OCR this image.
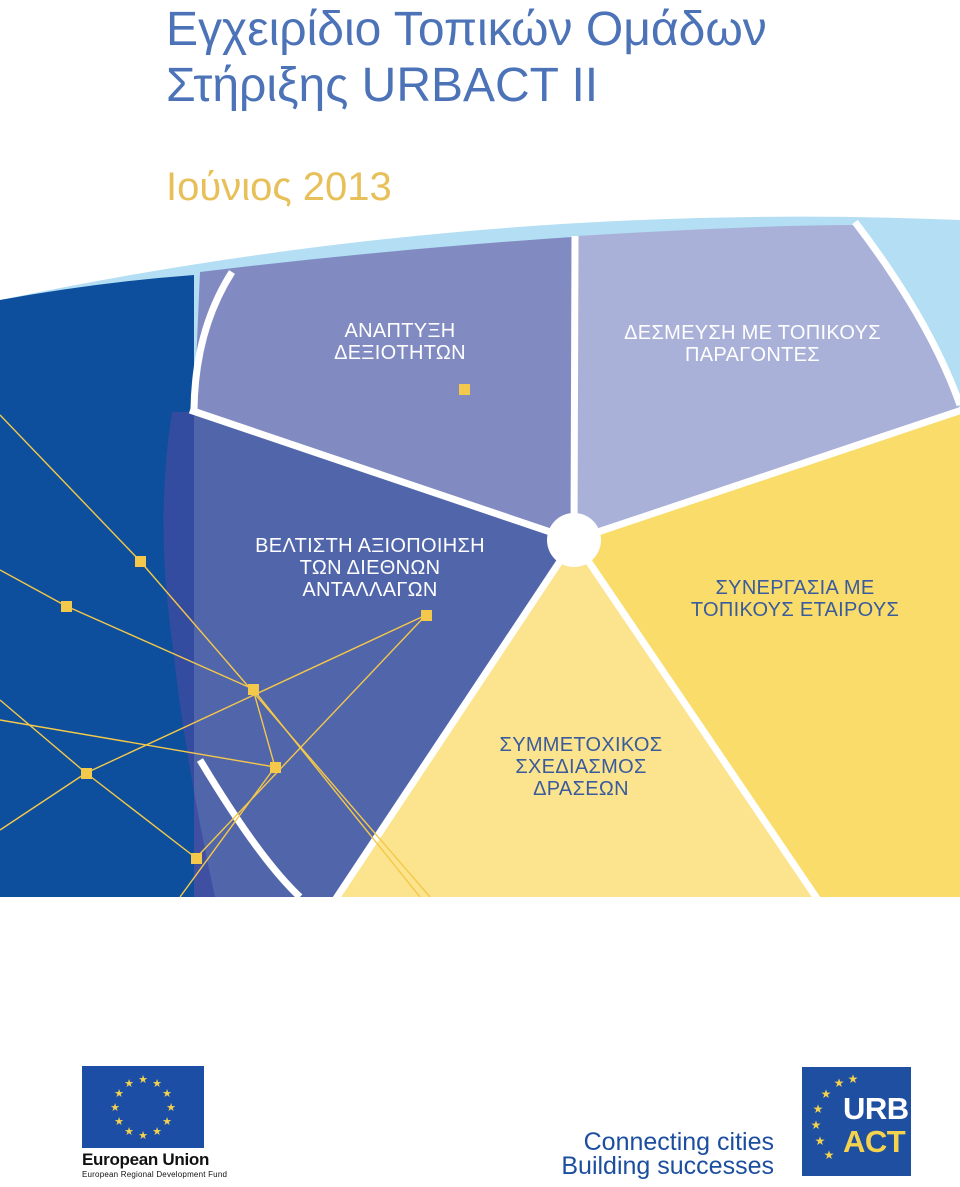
Εγχειρίδιο Τοπικών Ομάδων
Στήριξης URBACT II

Ιούνιος 2013

ΑΝΑΠΤΥΞΗ
ΔΕΞΙΟΤΗΤΩΝ
ΔΕΣΜΕΥΣΗ ΜΕ ΤΟΠΙΚΟΥΣ
ΠΑΡΑΓΟΝΤΕΣ
ΒΕΛΤΙΣΤΗ ΑΞΙΟΠΟΙΗΣΗ
ΤΩΝ ΔΙΕΘΝΩΝ
ΑΝΤΑΛΛΑΓΩΝ	ΣΥΝΕΡΓΑΣΙΑ ΜΕ
ΤΟΠΙΚΟΥΣ ΕΤΑΙΡΟΥΣ
ΣΥΜΜΕΤΟΧΙΚΟΣ
ΣΧΕΔΙΑΣΜΟΣ
ΔΡΑΣΕΩΝ
★ ★
★
★
★
★
★
★
★
★
★
★
European Union
European Regional Development Fund
Connecting cities
Building successes
★ ★
★
★
★
★
★
URB
ACT
